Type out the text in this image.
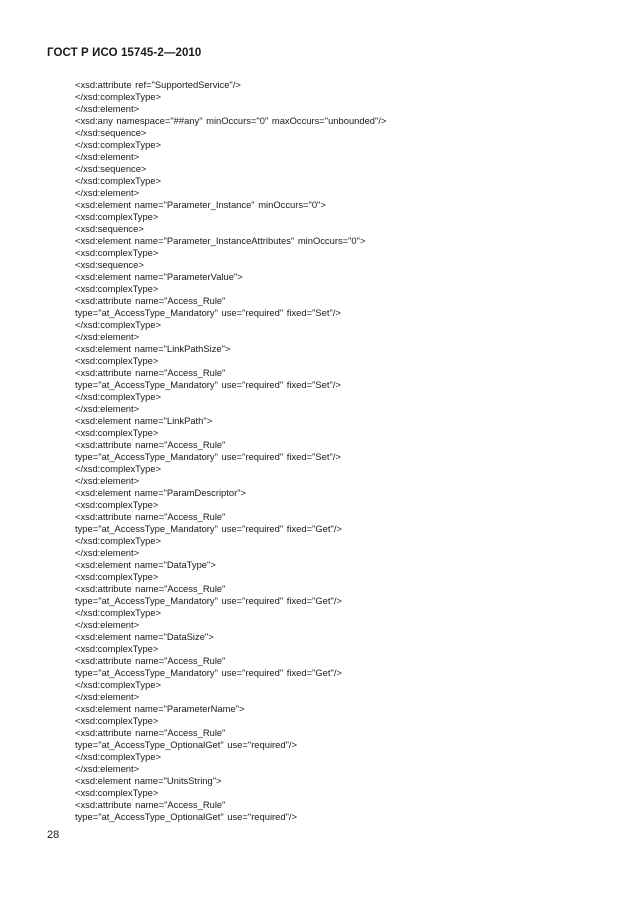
ГОСТ Р ИСО 15745-2—2010
<xsd:attribute ref="SupportedService"/>
</xsd:complexType>
</xsd:element>
<xsd:any namespace="##any" minOccurs="0" maxOccurs="unbounded"/>
</xsd:sequence>
</xsd:complexType>
</xsd:element>
</xsd:sequence>
</xsd:complexType>
</xsd:element>
<xsd:element name="Parameter_Instance" minOccurs="0">
<xsd:complexType>
<xsd:sequence>
<xsd:element name="Parameter_InstanceAttributes" minOccurs="0">
<xsd:complexType>
<xsd:sequence>
<xsd:element name="ParameterValue">
<xsd:complexType>
<xsd:attribute name="Access_Rule"
type="at_AccessType_Mandatory" use="required" fixed="Set"/>
</xsd:complexType>
</xsd:element>
<xsd:element name="LinkPathSize">
<xsd:complexType>
<xsd:attribute name="Access_Rule"
type="at_AccessType_Mandatory" use="required" fixed="Set"/>
</xsd:complexType>
</xsd:element>
<xsd:element name="LinkPath">
<xsd:complexType>
<xsd:attribute name="Access_Rule"
type="at_AccessType_Mandatory" use="required" fixed="Set"/>
</xsd:complexType>
</xsd:element>
<xsd:element name="ParamDescriptor">
<xsd:complexType>
<xsd:attribute name="Access_Rule"
type="at_AccessType_Mandatory" use="required" fixed="Get"/>
</xsd:complexType>
</xsd:element>
<xsd:element name="DataType">
<xsd:complexType>
<xsd:attribute name="Access_Rule"
type="at_AccessType_Mandatory" use="required" fixed="Get"/>
</xsd:complexType>
</xsd:element>
<xsd:element name="DataSize">
<xsd:complexType>
<xsd:attribute name="Access_Rule"
type="at_AccessType_Mandatory" use="required" fixed="Get"/>
</xsd:complexType>
</xsd:element>
<xsd:element name="ParameterName">
<xsd:complexType>
<xsd:attribute name="Access_Rule"
type="at_AccessType_OptionalGet" use="required"/>
</xsd:complexType>
</xsd:element>
<xsd:element name="UnitsString">
<xsd:complexType>
<xsd:attribute name="Access_Rule"
type="at_AccessType_OptionalGet" use="required"/>
28
